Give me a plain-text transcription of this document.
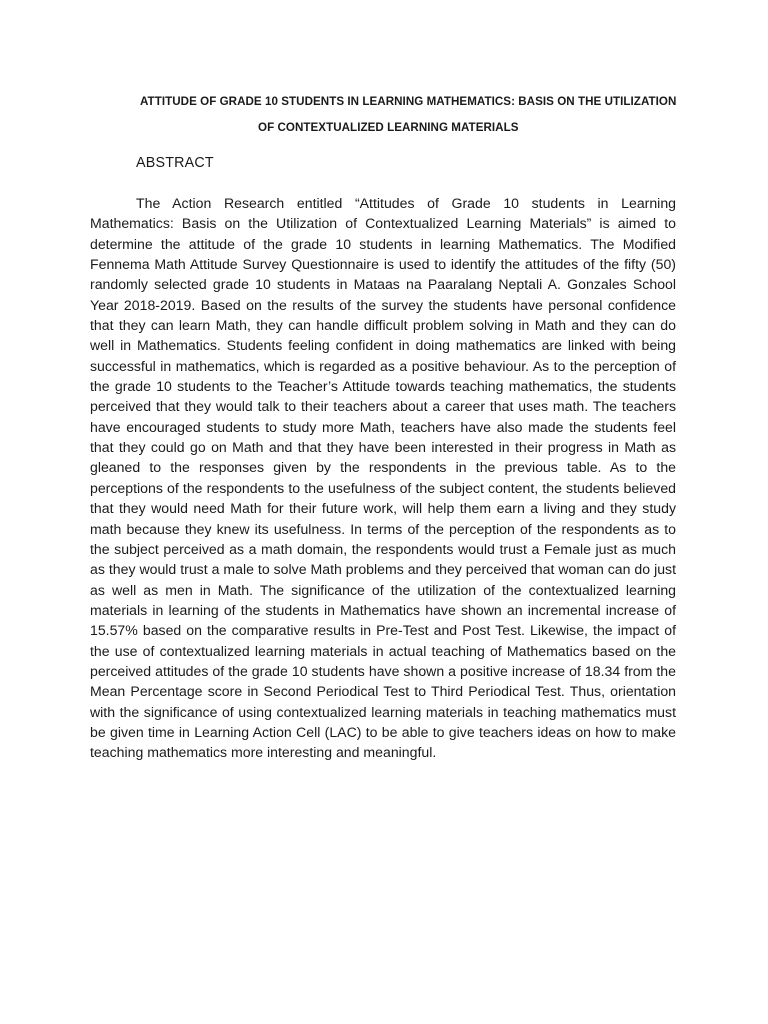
ATTITUDE OF GRADE 10 STUDENTS IN LEARNING MATHEMATICS: BASIS ON THE UTILIZATION
OF CONTEXTUALIZED LEARNING MATERIALS
ABSTRACT

The Action Research entitled “Attitudes of Grade 10 students in Learning Mathematics: Basis on the Utilization of Contextualized Learning Materials” is aimed to determine the attitude of the grade 10 students in learning Mathematics. The Modified Fennema Math Attitude Survey Questionnaire is used to identify the attitudes of the fifty (50) randomly selected grade 10 students in Mataas na Paaralang Neptali A. Gonzales School Year 2018-2019. Based on the results of the survey the students have personal confidence that they can learn Math, they can handle difficult problem solving in Math and they can do well in Mathematics. Students feeling confident in doing mathematics are linked with being successful in mathematics, which is regarded as a positive behaviour. As to the perception of the grade 10 students to the Teacher’s Attitude towards teaching mathematics, the students perceived that they would talk to their teachers about a career that uses math. The teachers have encouraged students to study more Math, teachers have also made the students feel that they could go on Math and that they have been interested in their progress in Math as gleaned to the responses given by the respondents in the previous table. As to the perceptions of the respondents to the usefulness of the subject content, the students believed that they would need Math for their future work, will help them earn a living and they study math because they knew its usefulness. In terms of the perception of the respondents as to the subject perceived as a math domain, the respondents would trust a Female just as much as they would trust a male to solve Math problems and they perceived that woman can do just as well as men in Math. The significance of the utilization of the contextualized learning materials in learning of the students in Mathematics have shown an incremental increase of 15.57% based on the comparative results in Pre-Test and Post Test. Likewise, the impact of the use of contextualized learning materials in actual teaching of Mathematics based on the perceived attitudes of the grade 10 students have shown a positive increase of 18.34 from the Mean Percentage score in Second Periodical Test to Third Periodical Test. Thus, orientation with the significance of using contextualized learning materials in teaching mathematics must be given time in Learning Action Cell (LAC) to be able to give teachers ideas on how to make teaching mathematics more interesting and meaningful.
